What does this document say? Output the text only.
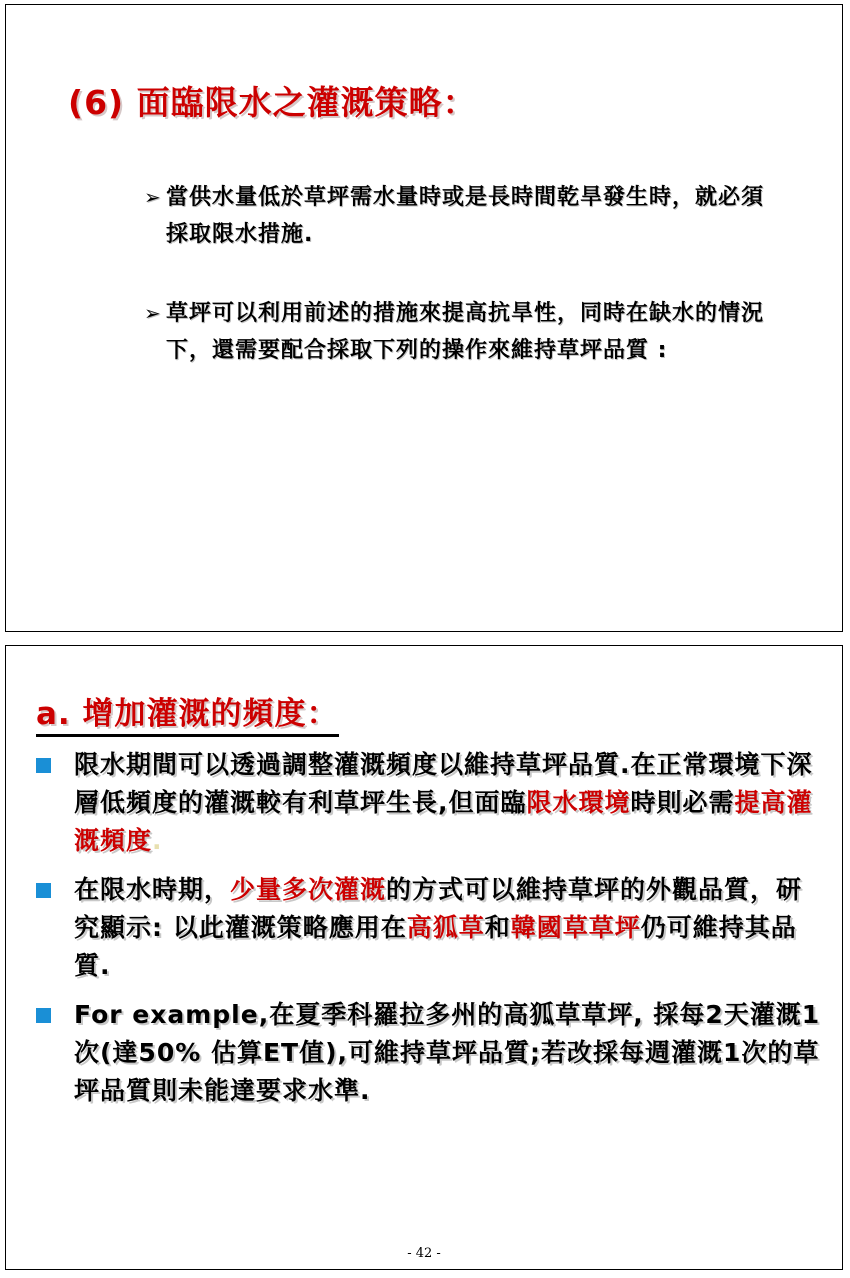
(6) 面臨限水之灌溉策略：

➢ 當供水量低於草坪需水量時或是長時間乾旱發生時，就必須採取限水措施.

➢ 草坪可以利用前述的措施來提高抗旱性，同時在缺水的情況下，還需要配合採取下列的操作來維持草坪品質 :

a. 增加灌溉的頻度：
限水期間可以透過調整灌溉頻度以維持草坪品質.在正常環境下深層低頻度的灌溉較有利草坪生長,但面臨限水環境時則必需提高灌溉頻度.
在限水時期，少量多次灌溉的方式可以維持草坪的外觀品質，研究顯示: 以此灌溉策略應用在高狐草和韓國草草坪仍可維持其品質.
For example,在夏季科羅拉多州的高狐草草坪, 採每2天灌溉1次(達50% 估算ET值),可維持草坪品質;若改採每週灌溉1次的草坪品質則未能達要求水準.
- 42 -
